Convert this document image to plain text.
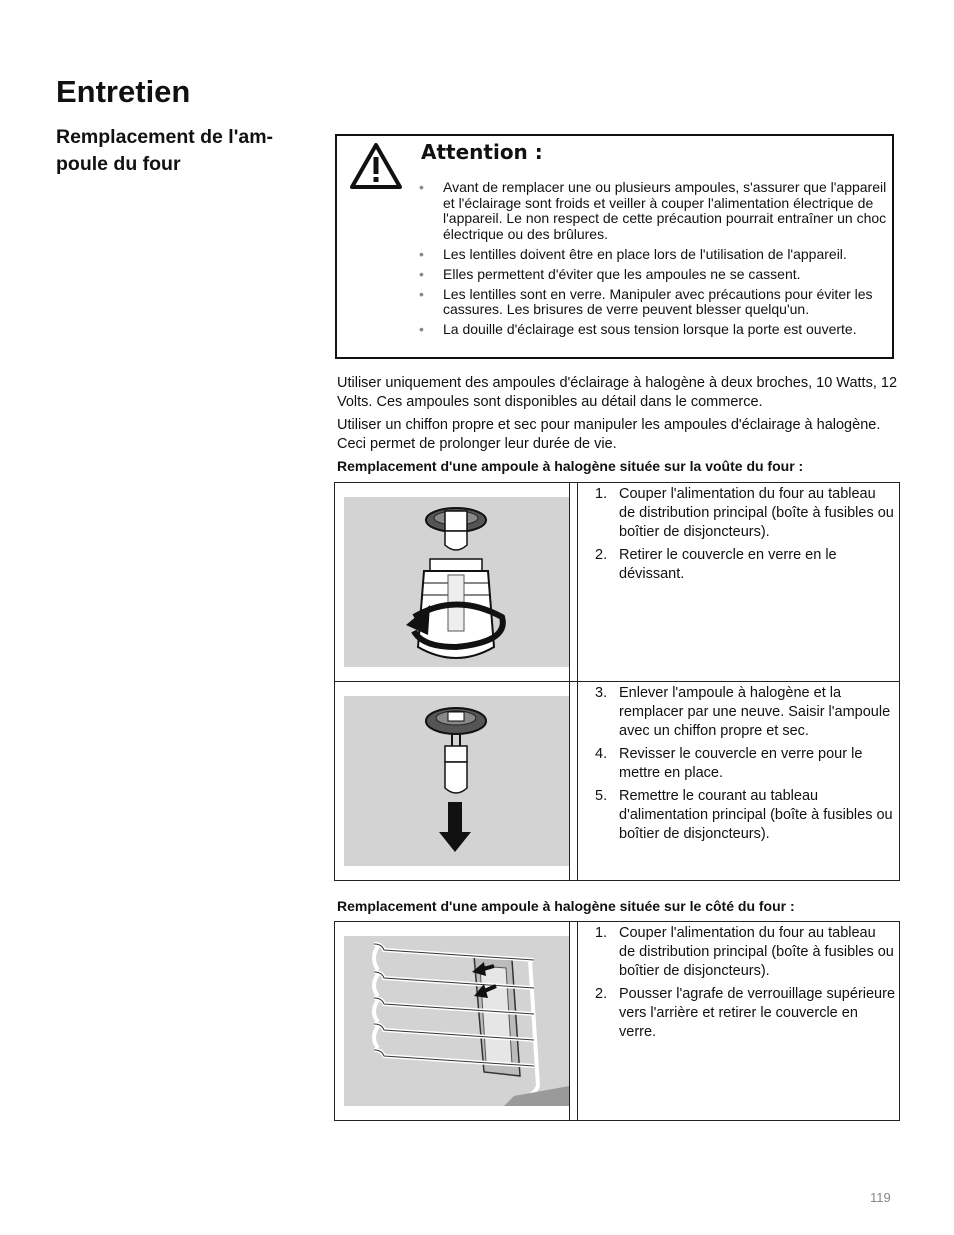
Entretien
Remplacement de l'am-
poule du four	Attention :
• Avant de remplacer une ou plusieurs ampoules, s'assurer que l'appareil et l'éclairage sont froids et veiller à couper l'alimentation électrique de l'appareil. Le non respect de cette précaution pourrait entraîner un choc électrique ou des brûlures.
• Les lentilles doivent être en place lors de l'utilisation de l'appareil.
• Elles permettent d'éviter que les ampoules ne se cassent.
• Les lentilles sont en verre. Manipuler avec précautions pour éviter les cassures. Les brisures de verre peuvent blesser quelqu'un.
• La douille d'éclairage est sous tension lorsque la porte est ouverte.

Utiliser uniquement des ampoules d'éclairage à halogène à deux broches, 10 Watts, 12 Volts. Ces ampoules sont disponibles au détail dans le commerce.

Utiliser un chiffon propre et sec pour manipuler les ampoules d'éclairage à halogène. Ceci permet de prolonger leur durée de vie.

Remplacement d'une ampoule à halogène située sur la voûte du four :

1. Couper l'alimentation du four au tableau de distribution principal (boîte à fusibles ou boîtier de disjoncteurs).
2. Retirer le couvercle en verre en le dévissant.
3. Enlever l'ampoule à halogène et la remplacer par une neuve. Saisir l'ampoule avec un chiffon propre et sec.
4. Revisser le couvercle en verre pour le mettre en place.
5. Remettre le courant au tableau d'alimentation principal (boîte à fusibles ou boîtier de disjoncteurs).

Remplacement d'une ampoule à halogène située sur le côté du four :

1. Couper l'alimentation du four au tableau de distribution principal (boîte à fusibles ou boîtier de disjoncteurs).
2. Pousser l'agrafe de verrouillage supérieure vers l'arrière et retirer le couvercle en verre.
119
